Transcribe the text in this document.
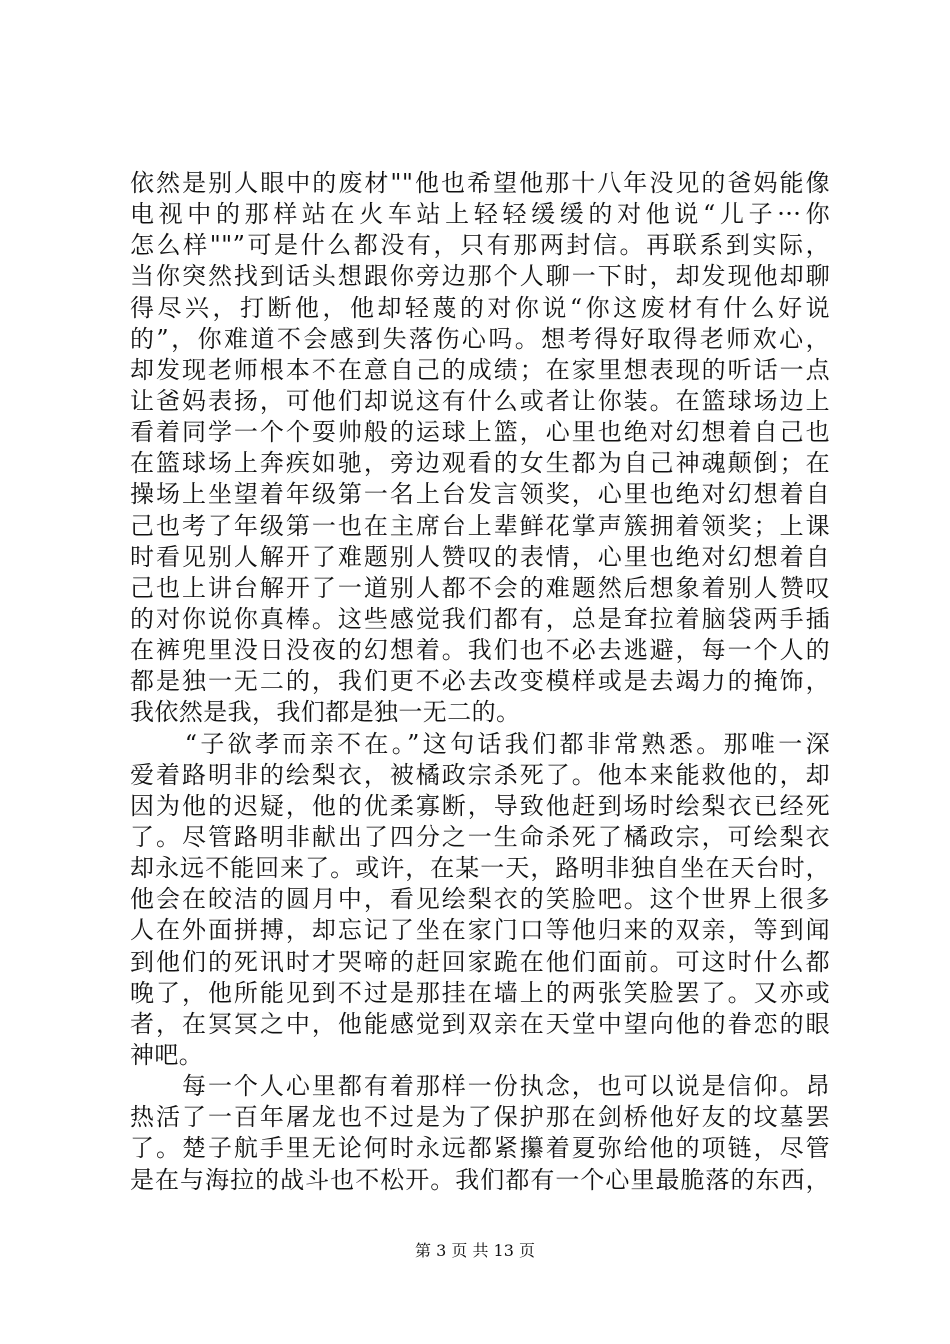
依然是别人眼中的废材""他也希望他那十八年没见的爸妈能像
电视中的那样站在火车站上轻轻缓缓的对他说“儿子···你
怎么样""”可是什么都没有，只有那两封信。再联系到实际，
当你突然找到话头想跟你旁边那个人聊一下时，却发现他却聊
得尽兴，打断他，他却轻蔑的对你说“你这废材有什么好说
的”，你难道不会感到失落伤心吗。想考得好取得老师欢心，
却发现老师根本不在意自己的成绩；在家里想表现的听话一点
让爸妈表扬，可他们却说这有什么或者让你装。在篮球场边上
看着同学一个个耍帅般的运球上篮，心里也绝对幻想着自己也
在篮球场上奔疾如驰，旁边观看的女生都为自己神魂颠倒；在
操场上坐望着年级第一名上台发言领奖，心里也绝对幻想着自
己也考了年级第一也在主席台上辈鲜花掌声簇拥着领奖；上课
时看见别人解开了难题别人赞叹的表情，心里也绝对幻想着自
己也上讲台解开了一道别人都不会的难题然后想象着别人赞叹
的对你说你真棒。这些感觉我们都有，总是耷拉着脑袋两手插
在裤兜里没日没夜的幻想着。我们也不必去逃避，每一个人的
都是独一无二的，我们更不必去改变模样或是去竭力的掩饰，
我依然是我，我们都是独一无二的。
　　“子欲孝而亲不在。”这句话我们都非常熟悉。那唯一深
爱着路明非的绘梨衣，被橘政宗杀死了。他本来能救他的，却
因为他的迟疑，他的优柔寡断，导致他赶到场时绘梨衣已经死
了。尽管路明非献出了四分之一生命杀死了橘政宗，可绘梨衣
却永远不能回来了。或许，在某一天，路明非独自坐在天台时，
他会在皎洁的圆月中，看见绘梨衣的笑脸吧。这个世界上很多
人在外面拼搏，却忘记了坐在家门口等他归来的双亲，等到闻
到他们的死讯时才哭啼的赶回家跪在他们面前。可这时什么都
晚了，他所能见到不过是那挂在墙上的两张笑脸罢了。又亦或
者，在冥冥之中，他能感觉到双亲在天堂中望向他的眷恋的眼
神吧。
　　每一个人心里都有着那样一份执念，也可以说是信仰。昂
热活了一百年屠龙也不过是为了保护那在剑桥他好友的坟墓罢
了。楚子航手里无论何时永远都紧攥着夏弥给他的项链，尽管
是在与海拉的战斗也不松开。我们都有一个心里最脆落的东西，
第 3 页 共 13 页
